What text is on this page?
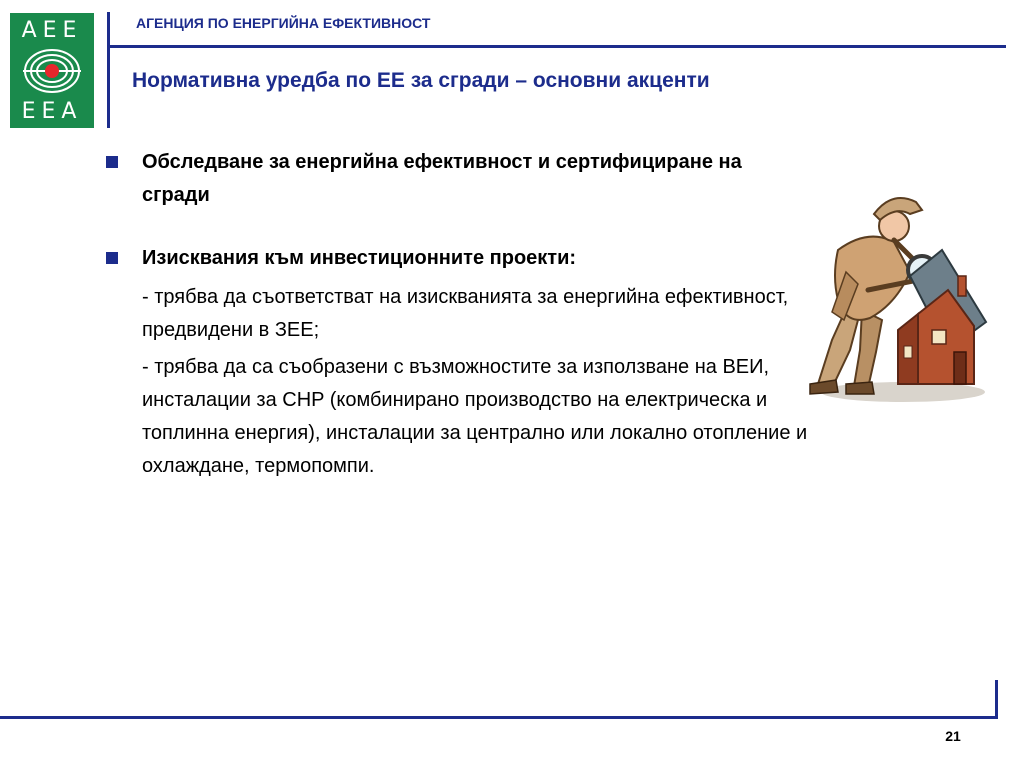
AEE
EEA
АГЕНЦИЯ ПО ЕНЕРГИЙНА ЕФЕКТИВНОСТ
Нормативна уредба по ЕЕ за сгради – основни акценти
Обследване за енергийна ефективност и сертифициране на сгради
Изисквания към инвестиционните проекти:
- трябва да съответстват на изискванията за енергийна ефективност, предвидени в ЗЕЕ;
- трябва да са съобразени с възможностите за използване на ВЕИ, инсталации за CHP (комбинирано производство на електрическа и топлинна енергия), инсталации за централно или локално отопление и охлаждане, термопомпи.
21
